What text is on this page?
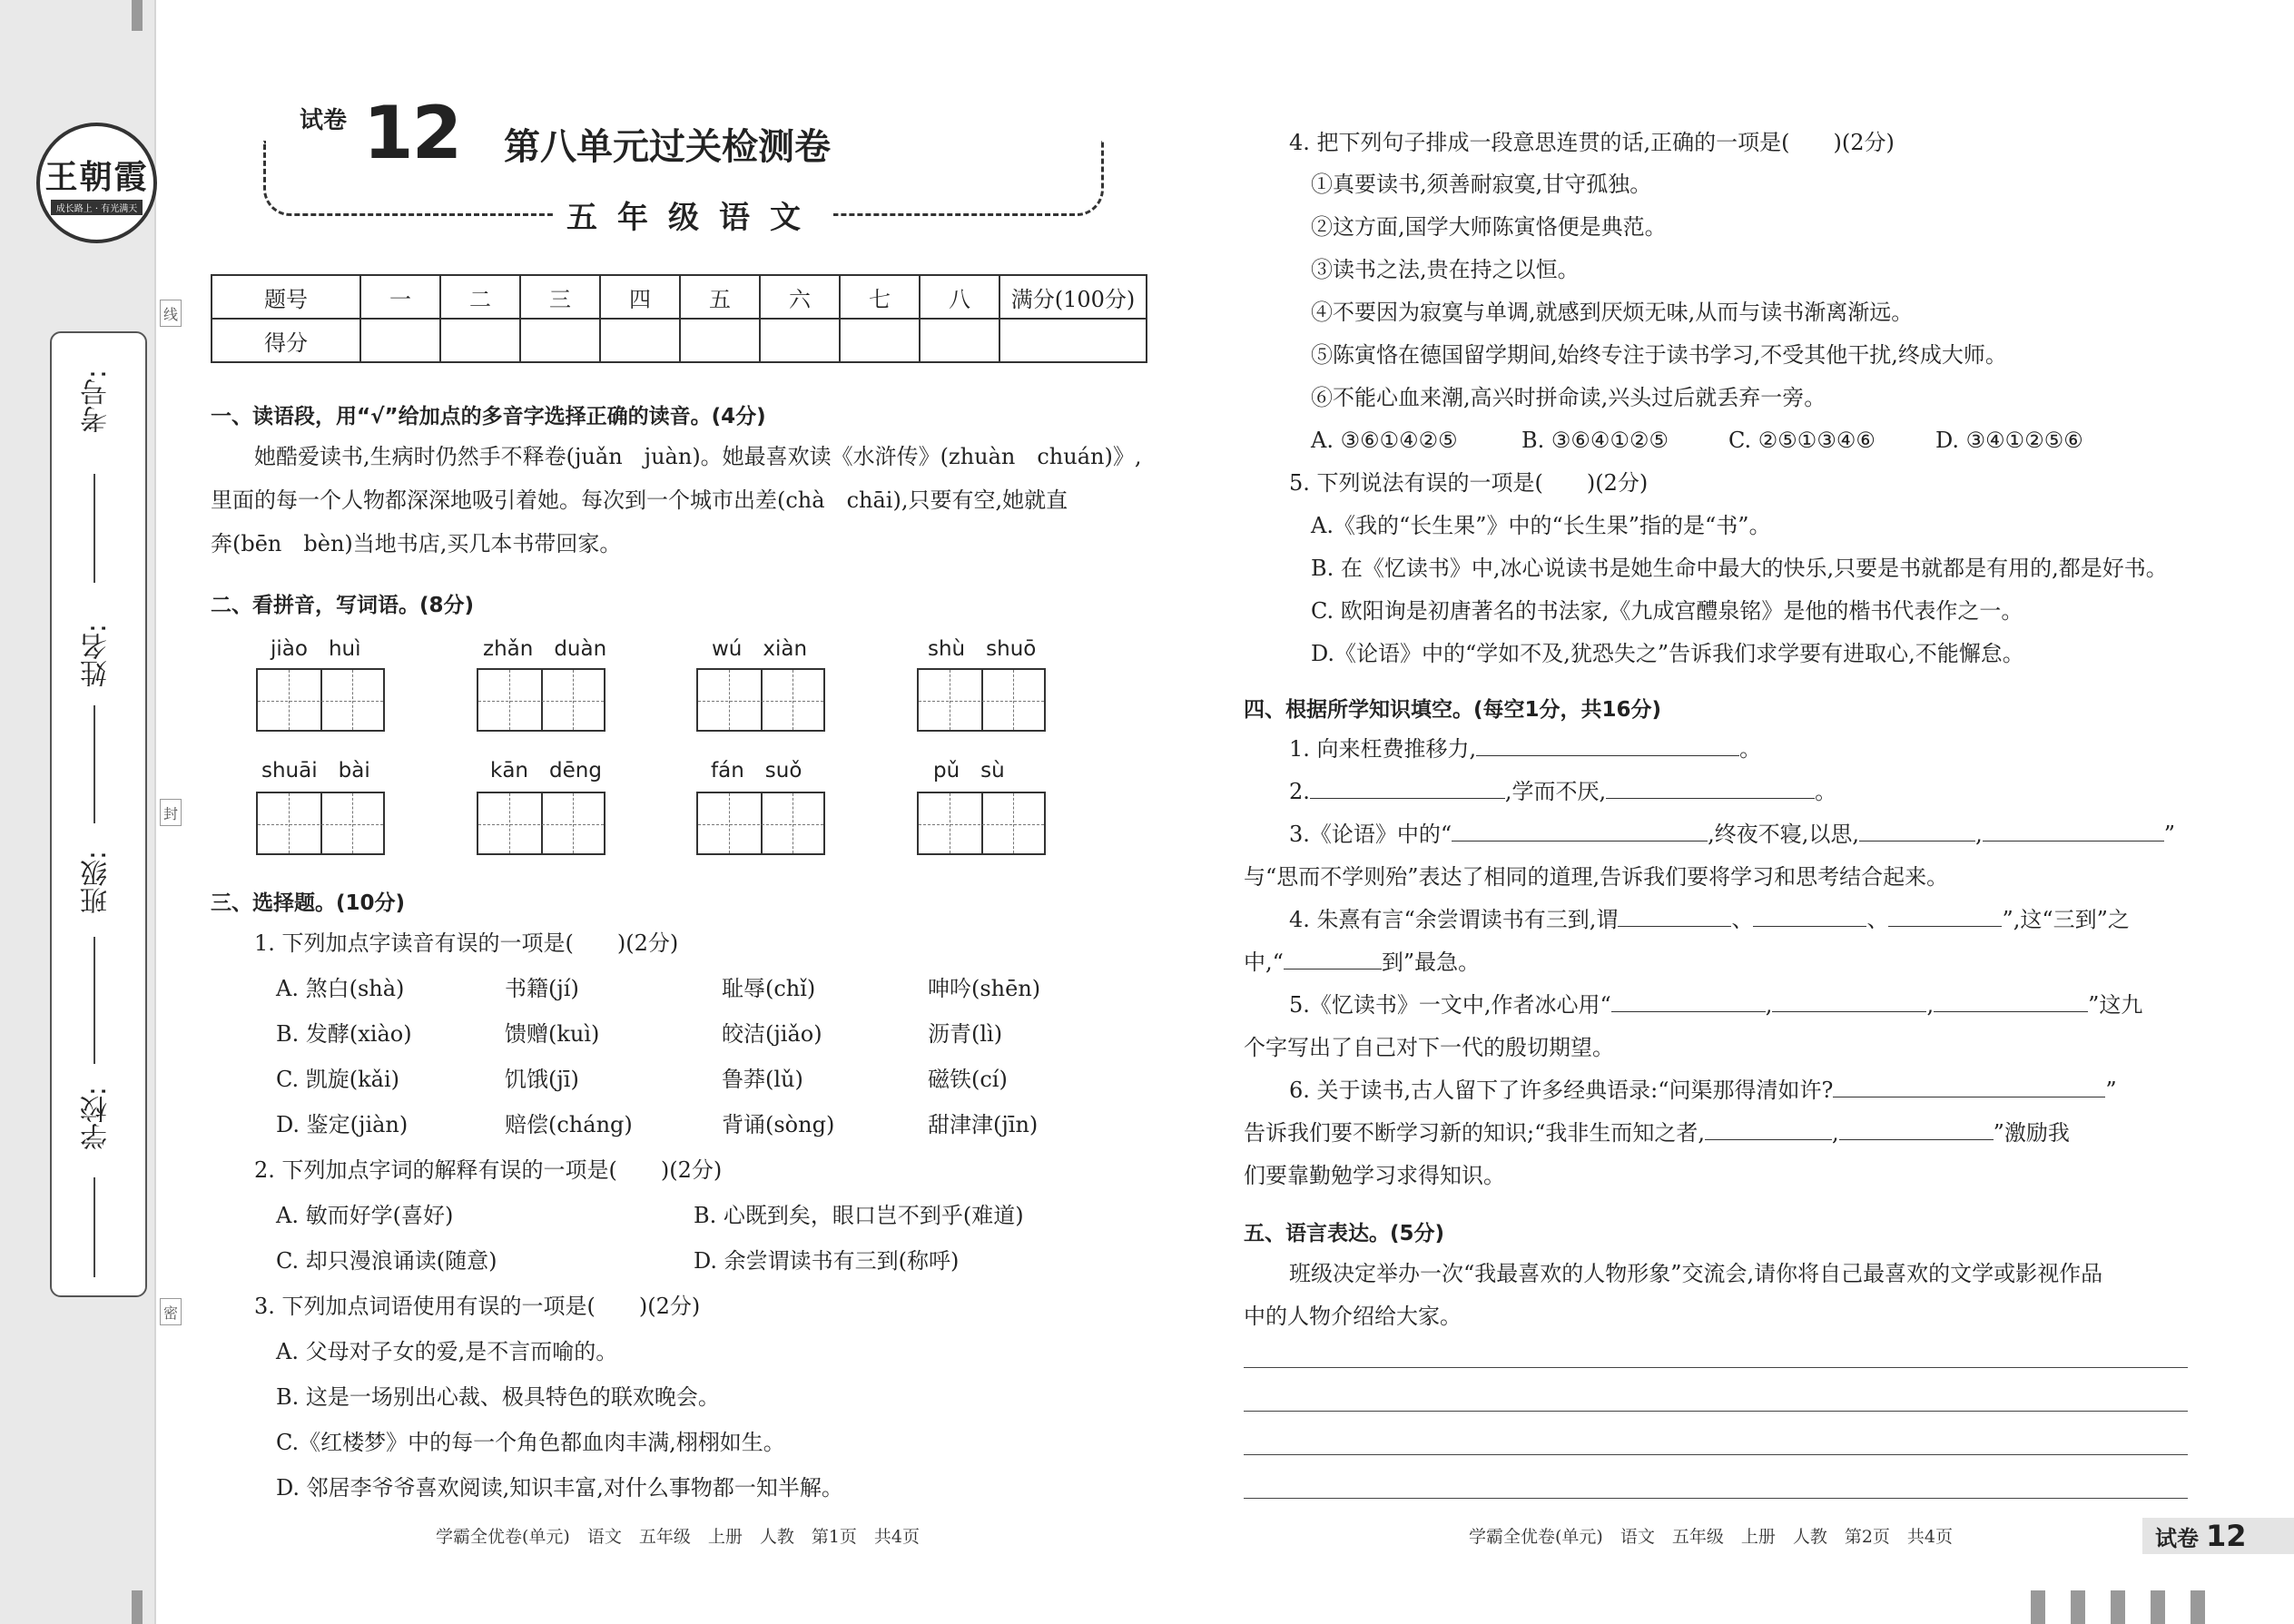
王朝霞
成长路上 · 有光满天
考号:
姓名:
班级:
学校:
线
封
密
试卷 12 第八单元过关检测卷
五年级语文
题号	一	二	三	四	五	六	七	八	满分(100分)
得分									
一、读语段，用“√”给加点的多音字选择正确的读音。(4分)
她酷爱读书,生病时仍然手不释卷(juǎn　juàn)。她最喜欢读《水浒传》(zhuàn　chuán)》,
里面的每一个人物都深深地吸引着她。每次到一个城市出差(chà　chāi),只要有空,她就直
奔(bēn　bèn)当地书店,买几本书带回家。
二、看拼音，写词语。(8分)
jiào　huì	zhǎn　duàn	wú　xiàn	shù　shuō
shuāi　bài	kān　dēng	fán　suǒ	pǔ　sù
三、选择题。(10分)
1. 下列加点字读音有误的一项是(　　)(2分)
A. 煞白(shà)	书籍(jí)	耻辱(chǐ)	呻吟(shēn)
B. 发酵(xiào)	馈赠(kuì)	皎洁(jiǎo)	沥青(lì)
C. 凯旋(kǎi)	饥饿(jī)	鲁莽(lǔ)	磁铁(cí)
D. 鉴定(jiàn)	赔偿(cháng)	背诵(sòng)	甜津津(jīn)
2. 下列加点字词的解释有误的一项是(　　)(2分)
A. 敏而好学(喜好)	B. 心既到矣，眼口岂不到乎(难道)
C. 却只漫浪诵读(随意)	D. 余尝谓读书有三到(称呼)
3. 下列加点词语使用有误的一项是(　　)(2分)
A. 父母对子女的爱,是不言而喻的。
B. 这是一场别出心裁、极具特色的联欢晚会。
C.《红楼梦》中的每一个角色都血肉丰满,栩栩如生。
D. 邻居李爷爷喜欢阅读,知识丰富,对什么事物都一知半解。
学霸全优卷(单元)　语文　五年级　上册　人教　第1页　共4页
4. 把下列句子排成一段意思连贯的话,正确的一项是(　　)(2分)
①真要读书,须善耐寂寞,甘守孤独。
②这方面,国学大师陈寅恪便是典范。
③读书之法,贵在持之以恒。
④不要因为寂寞与单调,就感到厌烦无味,从而与读书渐离渐远。
⑤陈寅恪在德国留学期间,始终专注于读书学习,不受其他干扰,终成大师。
⑥不能心血来潮,高兴时拼命读,兴头过后就丢弃一旁。
A. ③⑥①④②⑤	B. ③⑥④①②⑤	C. ②⑤①③④⑥	D. ③④①②⑤⑥
5. 下列说法有误的一项是(　　)(2分)
A.《我的“长生果”》中的“长生果”指的是“书”。
B. 在《忆读书》中,冰心说读书是她生命中最大的快乐,只要是书就都是有用的,都是好书。
C. 欧阳询是初唐著名的书法家,《九成宫醴泉铭》是他的楷书代表作之一。
D.《论语》中的“学如不及,犹恐失之”告诉我们求学要有进取心,不能懈怠。
四、根据所学知识填空。(每空1分，共16分)
1. 向来枉费推移力,	。
2.	,学而不厌,	。
3.《论语》中的“	,终夜不寝,以思,	,	”
与“思而不学则殆”表达了相同的道理,告诉我们要将学习和思考结合起来。
4. 朱熹有言“余尝谓读书有三到,谓	、	、	”,这“三到”之
中,“	到”最急。
5.《忆读书》一文中,作者冰心用“	,	,	”这九
个字写出了自己对下一代的殷切期望。
6. 关于读书,古人留下了许多经典语录:“问渠那得清如许?	”
告诉我们要不断学习新的知识;“我非生而知之者,	,	”激励我
们要靠勤勉学习求得知识。
五、语言表达。(5分)
班级决定举办一次“我最喜欢的人物形象”交流会,请你将自己最喜欢的文学或影视作品
中的人物介绍给大家。
学霸全优卷(单元)　语文　五年级　上册　人教　第2页　共4页	试卷 12
